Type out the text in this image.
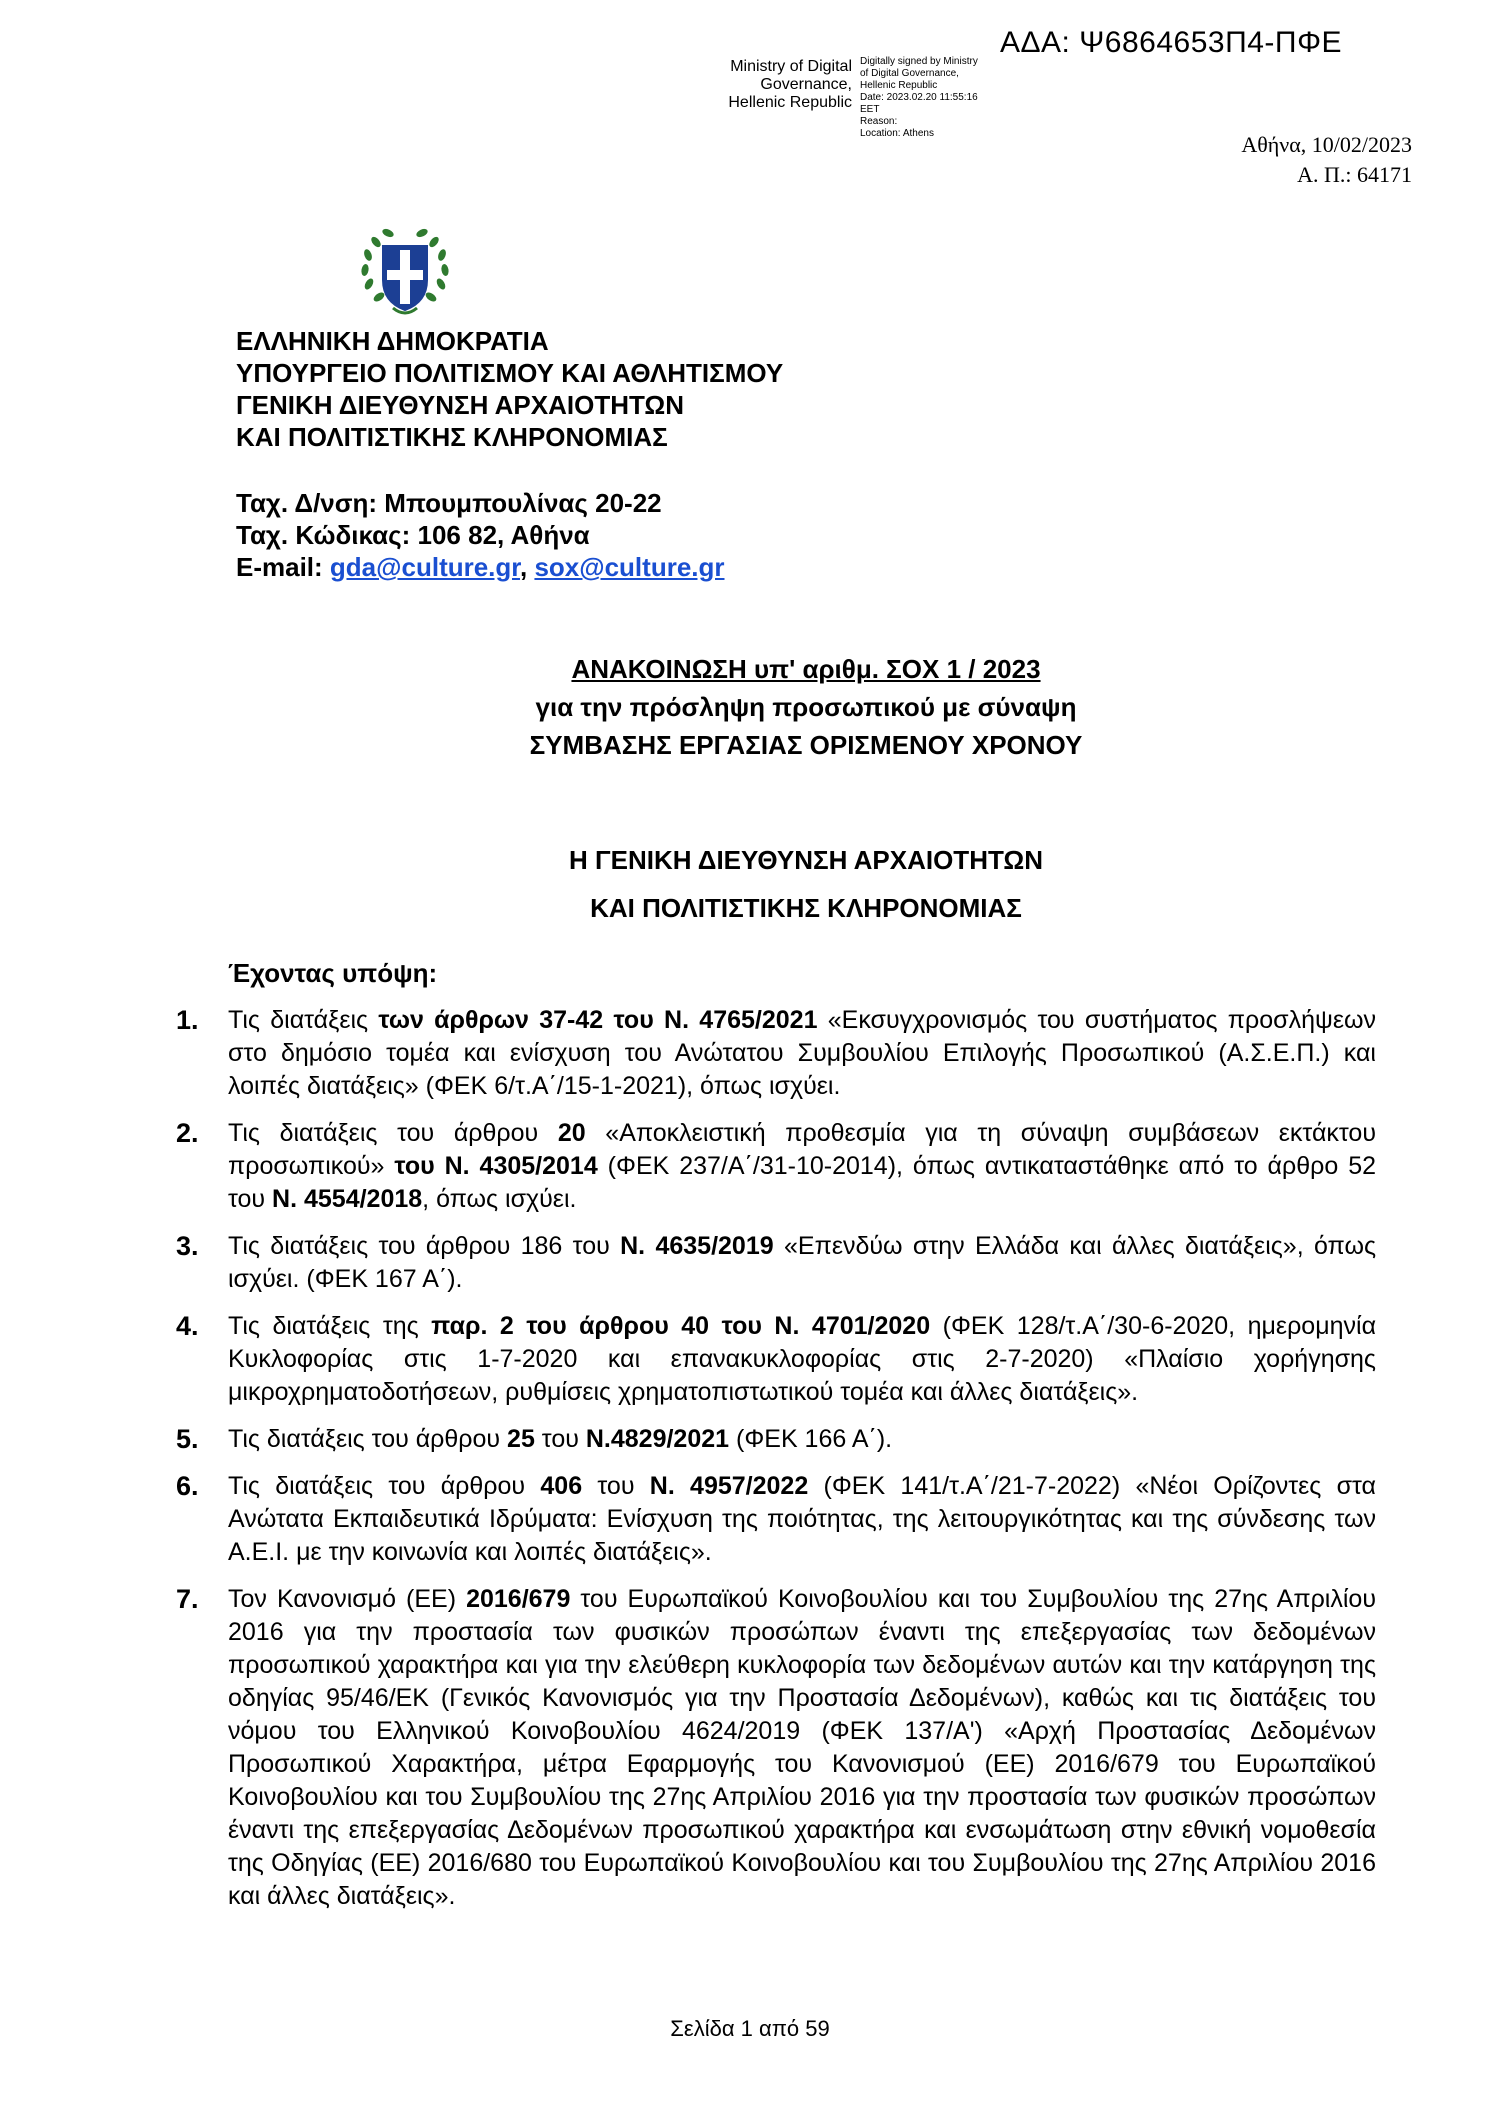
ΑΔΑ: Ψ6864653Π4-ΠΦΕ
Ministry of Digital
Governance,
Hellenic Republic
Digitally signed by Ministry
of Digital Governance,
Hellenic Republic
Date: 2023.02.20 11:55:16
EET
Reason:
Location: Athens	Αθήνα, 10/02/2023
Α. Π.: 64171
ΕΛΛΗΝΙΚΗ ΔΗΜΟΚΡΑΤΙΑ
ΥΠΟΥΡΓΕΙΟ ΠΟΛΙΤΙΣΜΟΥ ΚΑΙ ΑΘΛΗΤΙΣΜΟΥ
ΓΕΝΙΚΗ ΔΙΕΥΘΥΝΣΗ ΑΡΧΑΙΟΤΗΤΩΝ
ΚΑΙ ΠΟΛΙΤΙΣΤΙΚΗΣ ΚΛΗΡΟΝΟΜΙΑΣ
Ταχ. Δ/νση: Μπουμπουλίνας 20-22
Ταχ. Κώδικας: 106 82, Αθήνα
E-mail: gda@culture.gr, sox@culture.gr
ΑΝΑΚΟΙΝΩΣΗ υπ' αριθμ. ΣΟΧ 1 / 2023
για την πρόσληψη προσωπικού με σύναψη
ΣΥΜΒΑΣΗΣ ΕΡΓΑΣΙΑΣ ΟΡΙΣΜΕΝΟΥ ΧΡΟΝΟΥ
Η ΓΕΝΙΚΗ ΔΙΕΥΘΥΝΣΗ ΑΡΧΑΙΟΤΗΤΩΝ
ΚΑΙ ΠΟΛΙΤΙΣΤΙΚΗΣ ΚΛΗΡΟΝΟΜΙΑΣ
Έχοντας υπόψη:
1. Τις διατάξεις των άρθρων 37-42 του Ν. 4765/2021 «Εκσυγχρονισμός του συστήματος προσλήψεων στο δημόσιο τομέα και ενίσχυση του Ανώτατου Συμβουλίου Επιλογής Προσωπικού (Α.Σ.Ε.Π.) και λοιπές διατάξεις» (ΦΕΚ 6/τ.Α΄/15-1-2021), όπως ισχύει.
2. Τις διατάξεις του άρθρου 20 «Αποκλειστική προθεσμία για τη σύναψη συμβάσεων εκτάκτου προσωπικού» του Ν. 4305/2014 (ΦΕΚ 237/Α΄/31-10-2014), όπως αντικαταστάθηκε από το άρθρο 52 του Ν. 4554/2018, όπως ισχύει.
3. Τις διατάξεις του άρθρου 186 του Ν. 4635/2019 «Επενδύω στην Ελλάδα και άλλες διατάξεις», όπως ισχύει. (ΦΕΚ 167 Α΄).
4. Τις διατάξεις της παρ. 2 του άρθρου 40 του Ν. 4701/2020 (ΦΕΚ 128/τ.Α΄/30-6-2020, ημερομηνία Κυκλοφορίας στις 1-7-2020 και επανακυκλοφορίας στις 2-7-2020) «Πλαίσιο χορήγησης μικροχρηματοδοτήσεων, ρυθμίσεις χρηματοπιστωτικού τομέα και άλλες διατάξεις».
5. Τις διατάξεις του άρθρου 25 του Ν.4829/2021 (ΦΕΚ 166 Α΄).
6. Τις διατάξεις του άρθρου 406 του Ν. 4957/2022 (ΦΕΚ 141/τ.Α΄/21-7-2022) «Νέοι Ορίζοντες στα Ανώτατα Εκπαιδευτικά Ιδρύματα: Ενίσχυση της ποιότητας, της λειτουργικότητας και της σύνδεσης των Α.Ε.Ι. με την κοινωνία και λοιπές διατάξεις».
7. Τον Κανονισμό (ΕΕ) 2016/679 του Ευρωπαϊκού Κοινοβουλίου και του Συμβουλίου της 27ης Απριλίου 2016 για την προστασία των φυσικών προσώπων έναντι της επεξεργασίας των δεδομένων προσωπικού χαρακτήρα και για την ελεύθερη κυκλοφορία των δεδομένων αυτών και την κατάργηση της οδηγίας 95/46/ΕΚ (Γενικός Κανονισμός για την Προστασία Δεδομένων), καθώς και τις διατάξεις του νόμου του Ελληνικού Κοινοβουλίου 4624/2019 (ΦΕΚ 137/Α') «Αρχή Προστασίας Δεδομένων Προσωπικού Χαρακτήρα, μέτρα Εφαρμογής του Κανονισμού (ΕΕ) 2016/679 του Ευρωπαϊκού Κοινοβουλίου και του Συμβουλίου της 27ης Απριλίου 2016 για την προστασία των φυσικών προσώπων έναντι της επεξεργασίας Δεδομένων προσωπικού χαρακτήρα και ενσωμάτωση στην εθνική νομοθεσία της Οδηγίας (ΕΕ) 2016/680 του Ευρωπαϊκού Κοινοβουλίου και του Συμβουλίου της 27ης Απριλίου 2016 και άλλες διατάξεις».
Σελίδα 1 από 59
